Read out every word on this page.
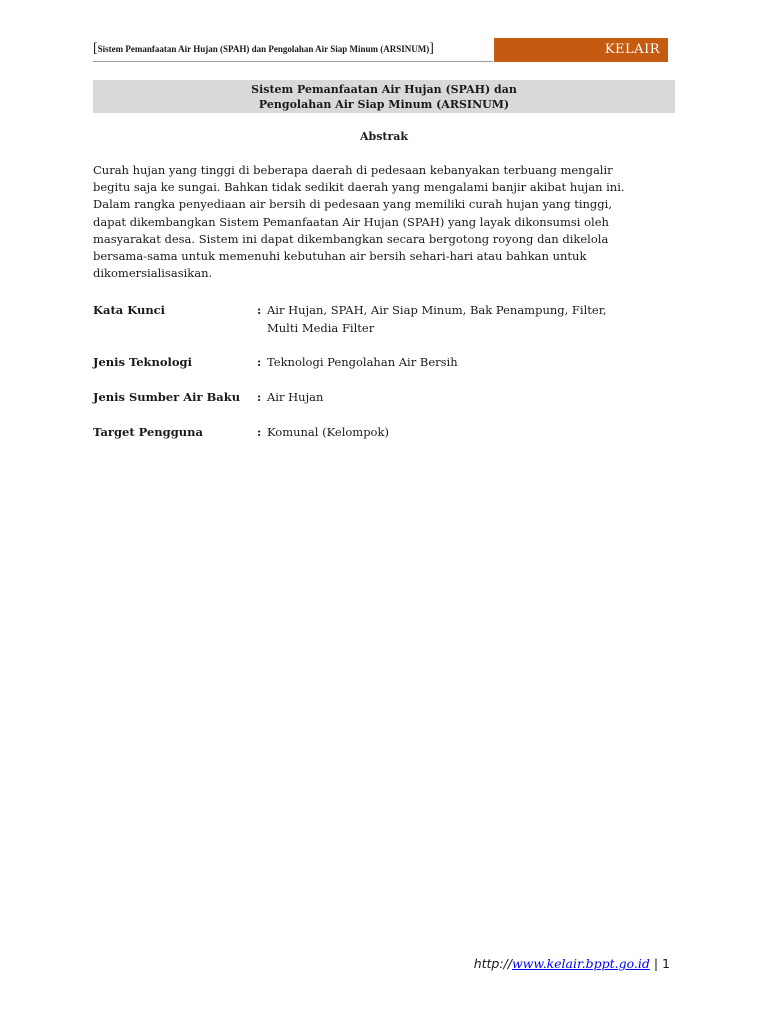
[Sistem Pemanfaatan Air Hujan (SPAH) dan Pengolahan Air Siap Minum (ARSINUM)]	KELAIR
Sistem Pemanfaatan Air Hujan (SPAH) dan
Pengolahan Air Siap Minum (ARSINUM)
Abstrak
Curah hujan yang tinggi di beberapa daerah di pedesaan kebanyakan terbuang mengalir
begitu saja ke sungai. Bahkan tidak sedikit daerah yang mengalami banjir akibat hujan ini.
Dalam rangka penyediaan air bersih di pedesaan yang memiliki curah hujan yang tinggi,
dapat dikembangkan Sistem Pemanfaatan Air Hujan (SPAH) yang layak dikonsumsi oleh
masyarakat desa. Sistem ini dapat dikembangkan secara bergotong royong dan dikelola
bersama-sama untuk memenuhi kebutuhan air bersih sehari-hari atau bahkan untuk
dikomersialisasikan.
Kata Kunci	: Air Hujan, SPAH, Air Siap Minum, Bak Penampung, Filter,
Multi Media Filter
Jenis Teknologi	: Teknologi Pengolahan Air Bersih
Jenis Sumber Air Baku	: Air Hujan
Target Pengguna	: Komunal (Kelompok)
http://www.kelair.bppt.go.id | 1
